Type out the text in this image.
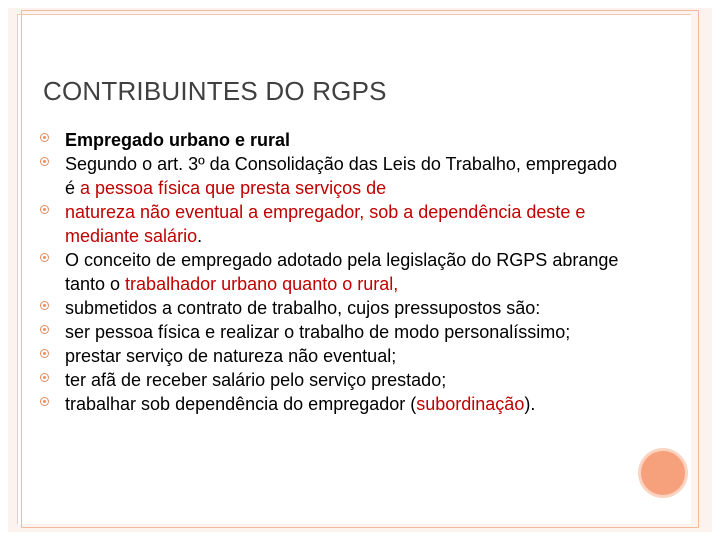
CONTRIBUINTES DO RGPS
Empregado urbano e rural
Segundo o art. 3º da Consolidação das Leis do Trabalho, empregado é a pessoa física que presta serviços de
natureza não eventual a empregador, sob a dependência deste e mediante salário.
O conceito de empregado adotado pela legislação do RGPS abrange tanto o trabalhador urbano quanto o rural,
submetidos a contrato de trabalho, cujos pressupostos são:
ser pessoa física e realizar o trabalho de modo personalíssimo;
prestar serviço de natureza não eventual;
ter afã de receber salário pelo serviço prestado;
trabalhar sob dependência do empregador (subordinação).
